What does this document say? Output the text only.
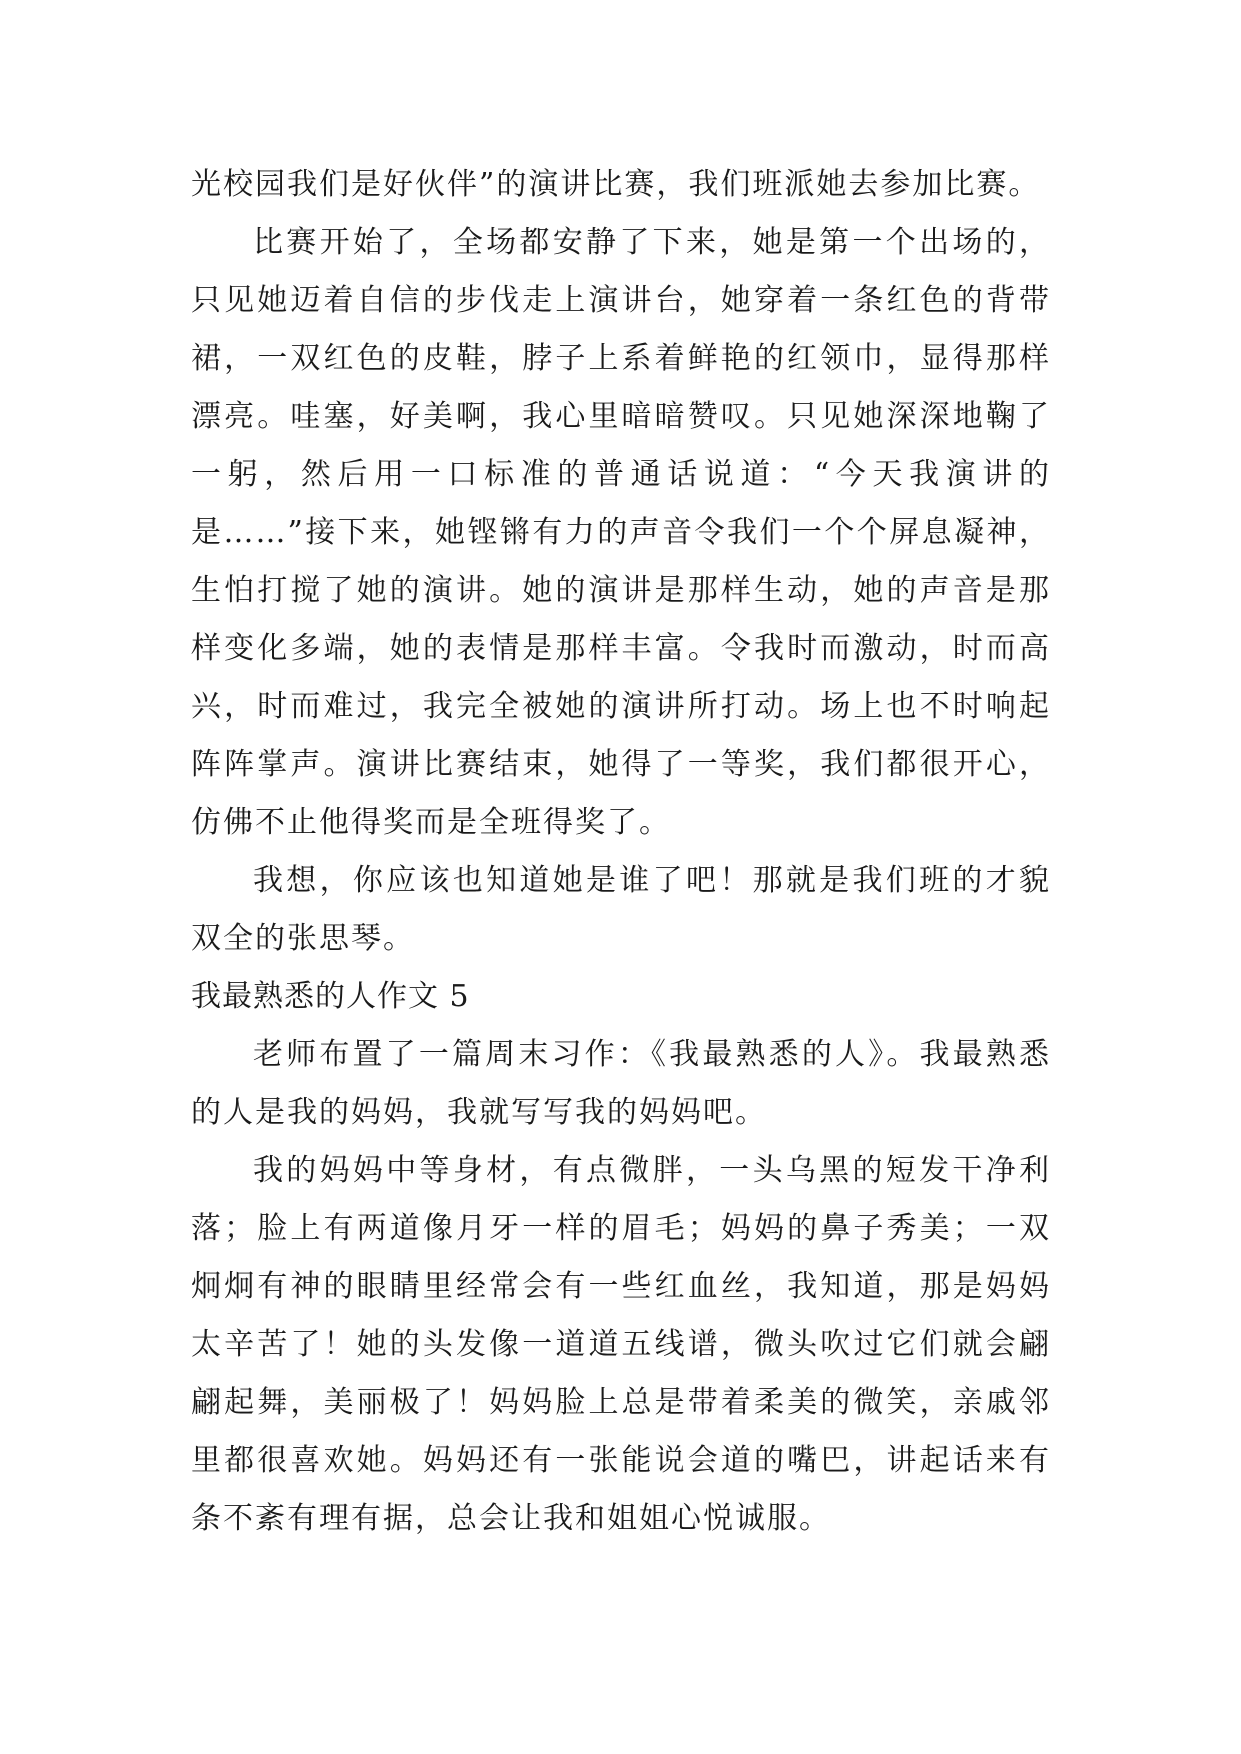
光校园我们是好伙伴”的演讲比赛，我们班派她去参加比赛。
比赛开始了，全场都安静了下来，她是第一个出场的，
只见她迈着自信的步伐走上演讲台，她穿着一条红色的背带
裙，一双红色的皮鞋，脖子上系着鲜艳的红领巾，显得那样
漂亮。哇塞，好美啊，我心里暗暗赞叹。只见她深深地鞠了
一躬，然后用一口标准的普通话说道：“今天我演讲的
是……”接下来，她铿锵有力的声音令我们一个个屏息凝神，
生怕打搅了她的演讲。她的演讲是那样生动，她的声音是那
样变化多端，她的表情是那样丰富。令我时而激动，时而高
兴，时而难过，我完全被她的演讲所打动。场上也不时响起
阵阵掌声。演讲比赛结束，她得了一等奖，我们都很开心，
仿佛不止他得奖而是全班得奖了。
我想，你应该也知道她是谁了吧！那就是我们班的才貌
双全的张思琴。
我最熟悉的人作文 5
老师布置了一篇周末习作：《我最熟悉的人》。我最熟悉
的人是我的妈妈，我就写写我的妈妈吧。
我的妈妈中等身材，有点微胖，一头乌黑的短发干净利
落；脸上有两道像月牙一样的眉毛；妈妈的鼻子秀美；一双
炯炯有神的眼睛里经常会有一些红血丝，我知道，那是妈妈
太辛苦了！她的头发像一道道五线谱，微头吹过它们就会翩
翩起舞，美丽极了！妈妈脸上总是带着柔美的微笑，亲戚邻
里都很喜欢她。妈妈还有一张能说会道的嘴巴，讲起话来有
条不紊有理有据，总会让我和姐姐心悦诚服。
